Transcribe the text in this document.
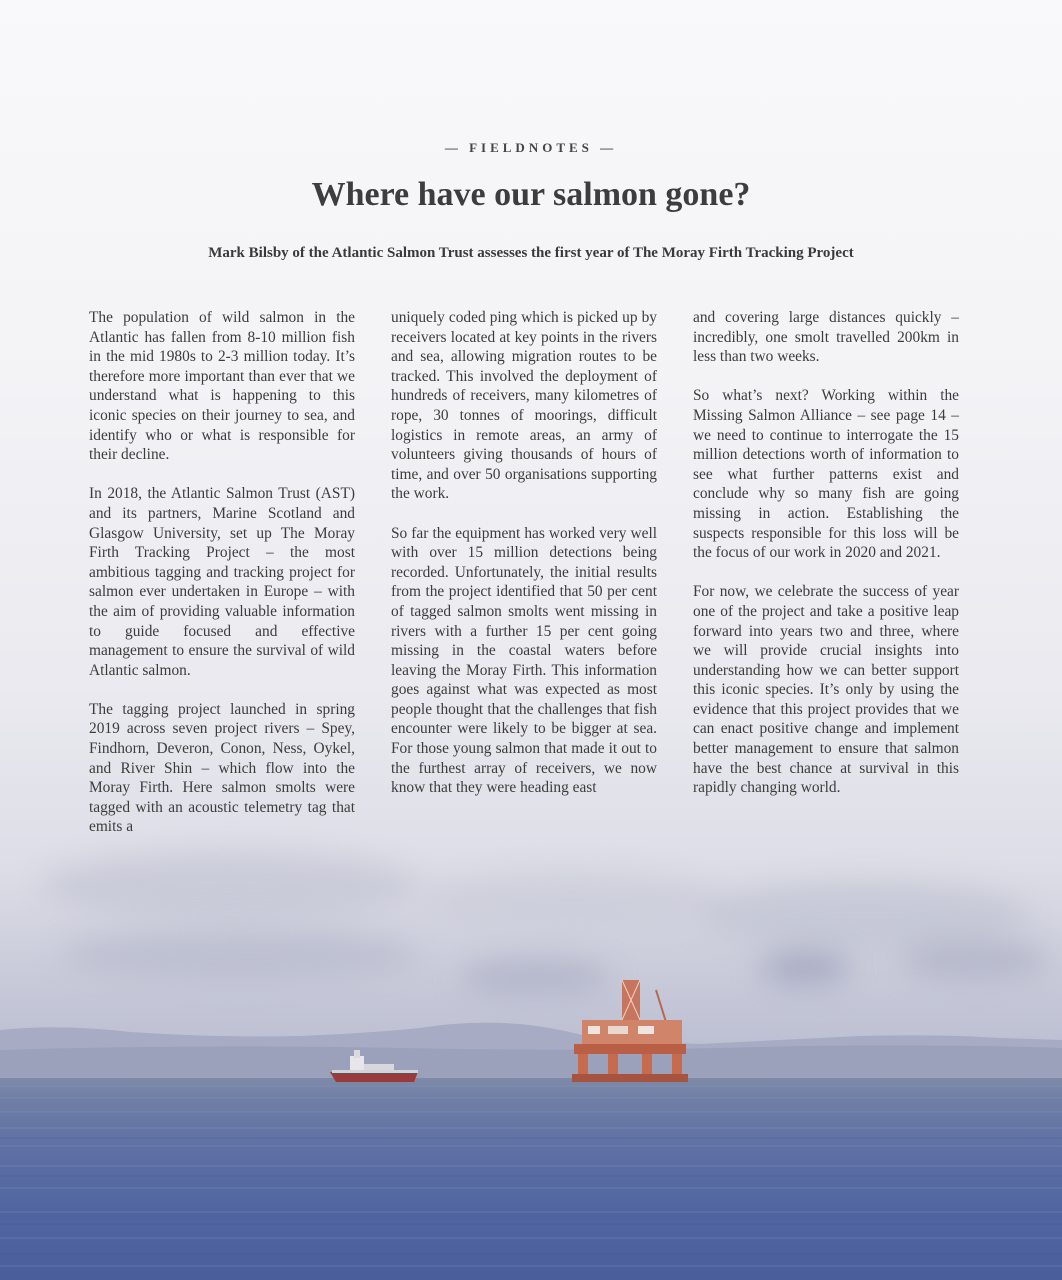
— FIELDNOTES —
Where have our salmon gone?
Mark Bilsby of the Atlantic Salmon Trust assesses the first year of The Moray Firth Tracking Project

The population of wild salmon in the Atlantic has fallen from 8-10 million fish in the mid 1980s to 2-3 million today. It’s therefore more important than ever that we understand what is happening to this iconic species on their journey to sea, and identify who or what is responsible for their decline.

In 2018, the Atlantic Salmon Trust (AST) and its partners, Marine Scotland and Glasgow University, set up The Moray Firth Tracking Project – the most ambitious tagging and tracking project for salmon ever undertaken in Europe – with the aim of providing valuable information to guide focused and effective management to ensure the survival of wild Atlantic salmon.

The tagging project launched in spring 2019 across seven project rivers – Spey, Findhorn, Deveron, Conon, Ness, Oykel, and River Shin – which flow into the Moray Firth. Here salmon smolts were tagged with an acoustic telemetry tag that emits a

uniquely coded ping which is picked up by receivers located at key points in the rivers and sea, allowing migration routes to be tracked. This involved the deployment of hundreds of receivers, many kilometres of rope, 30 tonnes of moorings, difficult logistics in remote areas, an army of volunteers giving thousands of hours of time, and over 50 organisations supporting the work.

So far the equipment has worked very well with over 15 million detections being recorded. Unfortunately, the initial results from the project identified that 50 per cent of tagged salmon smolts went missing in rivers with a further 15 per cent going missing in the coastal waters before leaving the Moray Firth. This information goes against what was expected as most people thought that the challenges that fish encounter were likely to be bigger at sea. For those young salmon that made it out to the furthest array of receivers, we now know that they were heading east

and covering large distances quickly – incredibly, one smolt travelled 200km in less than two weeks.

So what’s next? Working within the Missing Salmon Alliance – see page 14 – we need to continue to interrogate the 15 million detections worth of information to see what further patterns exist and conclude why so many fish are going missing in action. Establishing the suspects responsible for this loss will be the focus of our work in 2020 and 2021.

For now, we celebrate the success of year one of the project and take a positive leap forward into years two and three, where we will provide crucial insights into understanding how we can better support this iconic species. It’s only by using the evidence that this project provides that we can enact positive change and implement better management to ensure that salmon have the best chance at survival in this rapidly changing world.
